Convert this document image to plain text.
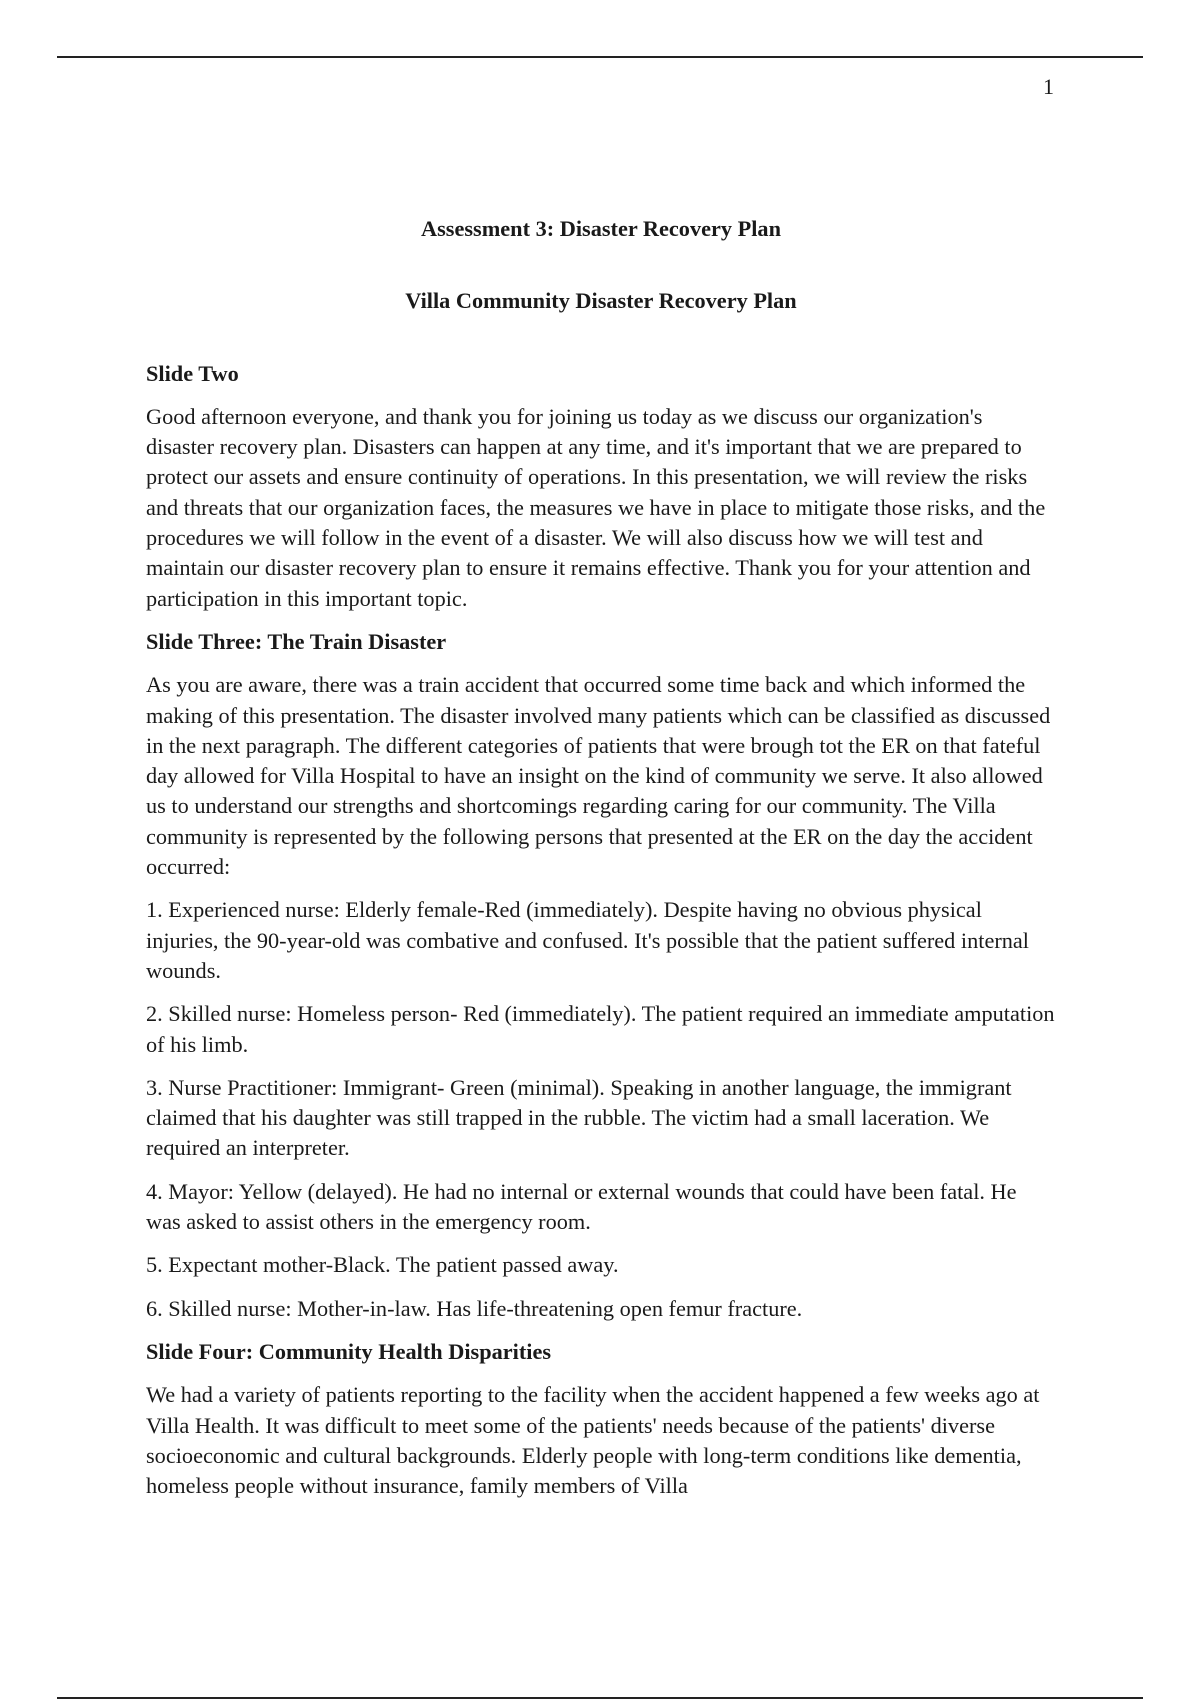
1

Assessment 3: Disaster Recovery Plan

Villa Community Disaster Recovery Plan

Slide Two

Good afternoon everyone, and thank you for joining us today as we discuss our organization's disaster recovery plan. Disasters can happen at any time, and it's important that we are prepared to protect our assets and ensure continuity of operations. In this presentation, we will review the risks and threats that our organization faces, the measures we have in place to mitigate those risks, and the procedures we will follow in the event of a disaster. We will also discuss how we will test and maintain our disaster recovery plan to ensure it remains effective. Thank you for your attention and participation in this important topic.

Slide Three: The Train Disaster

As you are aware, there was a train accident that occurred some time back and which informed the making of this presentation. The disaster involved many patients which can be classified as discussed in the next paragraph. The different categories of patients that were brough tot the ER on that fateful day allowed for Villa Hospital to have an insight on the kind of community we serve. It also allowed us to understand our strengths and shortcomings regarding caring for our community. The Villa community is represented by the following persons that presented at the ER on the day the accident occurred:

1. Experienced nurse: Elderly female-Red (immediately). Despite having no obvious physical injuries, the 90-year-old was combative and confused. It's possible that the patient suffered internal wounds.

2. Skilled nurse: Homeless person- Red (immediately). The patient required an immediate amputation of his limb.

3. Nurse Practitioner: Immigrant- Green (minimal). Speaking in another language, the immigrant claimed that his daughter was still trapped in the rubble. The victim had a small laceration. We required an interpreter.

4. Mayor: Yellow (delayed). He had no internal or external wounds that could have been fatal. He was asked to assist others in the emergency room.

5. Expectant mother-Black. The patient passed away.

6. Skilled nurse: Mother-in-law. Has life-threatening open femur fracture.

Slide Four: Community Health Disparities

We had a variety of patients reporting to the facility when the accident happened a few weeks ago at Villa Health. It was difficult to meet some of the patients' needs because of the patients' diverse socioeconomic and cultural backgrounds. Elderly people with long-term conditions like dementia, homeless people without insurance, family members of Villa
